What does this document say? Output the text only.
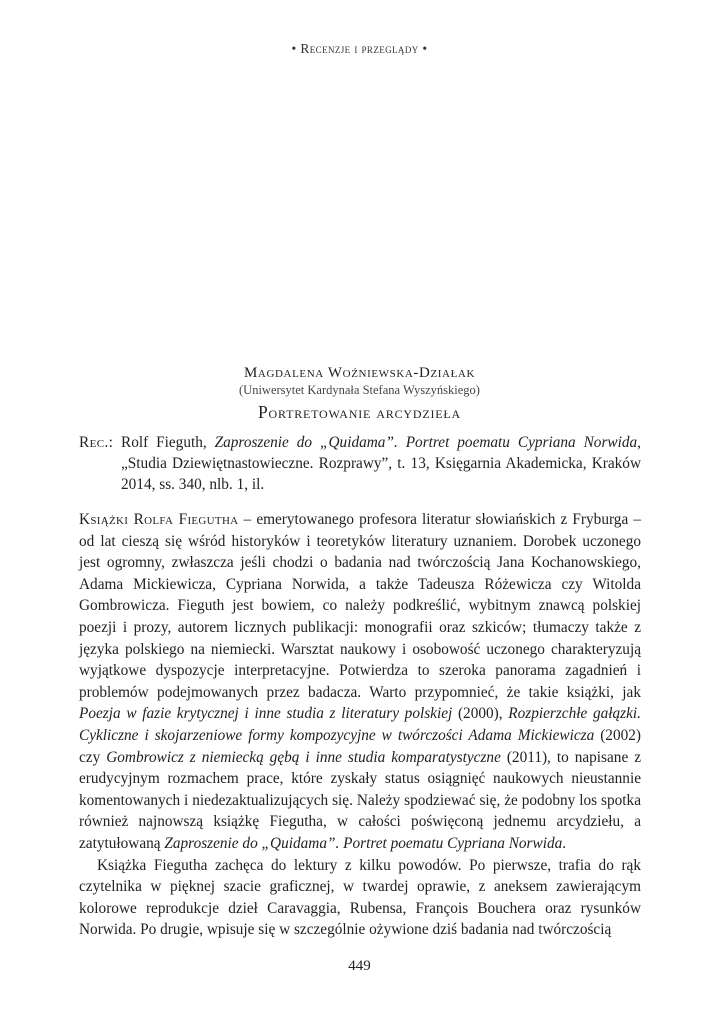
• Recenzje i przeglądy •
Magdalena Woźniewska-Działak
(Uniwersytet Kardynała Stefana Wyszyńskiego)
Portretowanie arcydzieła
Rec.: Rolf Fieguth, Zaproszenie do „Quidama”. Portret poematu Cypriana Norwida, „Studia Dziewiętnastowieczne. Rozprawy”, t. 13, Księgarnia Akademicka, Kraków 2014, ss. 340, nlb. 1, il.

Książki Rolfa Fiegutha – emerytowanego profesora literatur słowiańskich z Fryburga – od lat cieszą się wśród historyków i teoretyków literatury uznaniem. Dorobek uczonego jest ogromny, zwłaszcza jeśli chodzi o badania nad twórczością Jana Kochanowskiego, Adama Mickiewicza, Cypriana Norwida, a także Tadeusza Różewicza czy Witolda Gombrowicza. Fieguth jest bowiem, co należy podkreślić, wybitnym znawcą polskiej poezji i prozy, autorem licznych publikacji: monografii oraz szkiców; tłumaczy także z języka polskiego na niemiecki. Warsztat naukowy i osobowość uczonego charakteryzują wyjątkowe dyspozycje interpretacyjne. Potwierdza to szeroka panorama zagadnień i problemów podejmowanych przez badacza. Warto przypomnieć, że takie książki, jak Poezja w fazie krytycznej i inne studia z literatury polskiej (2000), Rozpierzchłe gałązki. Cykliczne i skojarzeniowe formy kompozycyjne w twórczości Adama Mickiewicza (2002) czy Gombrowicz z niemiecką gębą i inne studia komparatystyczne (2011), to napisane z erudycyjnym rozmachem prace, które zyskały status osiągnięć naukowych nieustannie komentowanych i niedezaktualizujących się. Należy spodziewać się, że podobny los spotka również najnowszą książkę Fiegutha, w całości poświęconą jednemu arcydziełu, a zatytułowaną Zaproszenie do „Quidama”. Portret poematu Cypriana Norwida.

Książka Fiegutha zachęca do lektury z kilku powodów. Po pierwsze, trafia do rąk czytelnika w pięknej szacie graficznej, w twardej oprawie, z aneksem zawierającym kolorowe reprodukcje dzieł Caravaggia, Rubensa, François Bouchera oraz rysunków Norwida. Po drugie, wpisuje się w szczególnie ożywione dziś badania nad twórczością

449
